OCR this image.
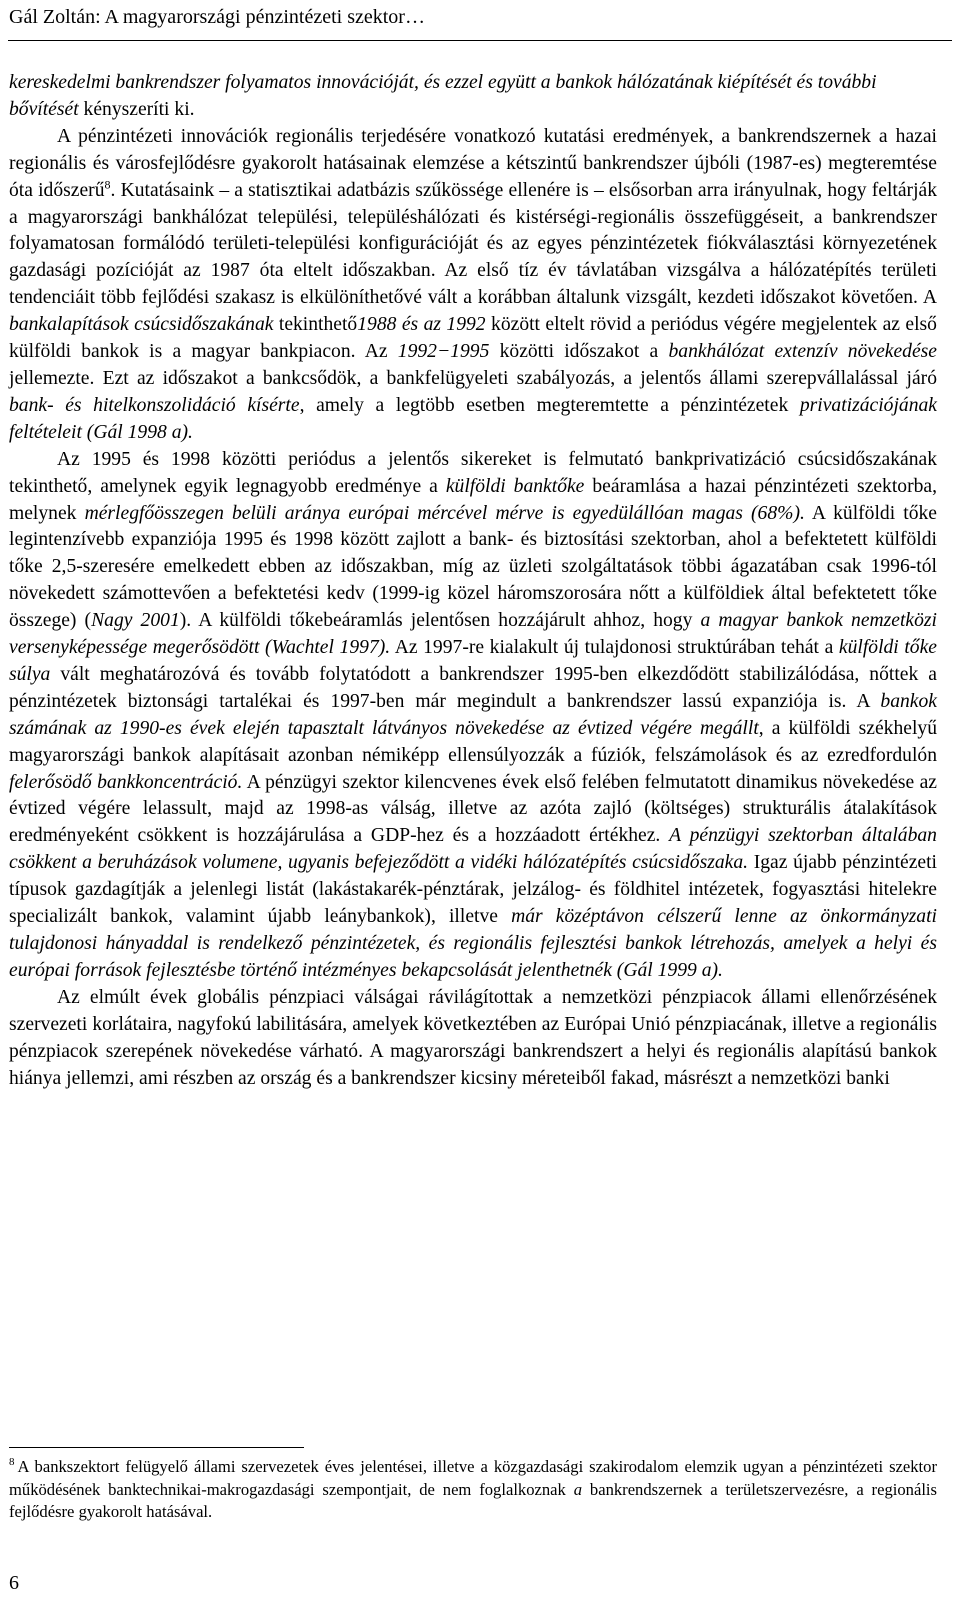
Gál Zoltán: A magyarországi pénzintézeti szektor…

kereskedelmi bankrendszer folyamatos innovációját, és ezzel együtt a bankok hálózatának kiépítését és további bővítését kényszeríti ki.

A pénzintézeti innovációk regionális terjedésére vonatkozó kutatási eredmények, a bankrendszernek a hazai regionális és városfejlődésre gyakorolt hatásainak elemzése a kétszintű bankrendszer újbóli (1987-es) megteremtése óta időszerű$^8$. Kutatásaink – a statisztikai adatbázis szűkössége ellenére is – elsősorban arra irányulnak, hogy feltárják a magyarországi bankhálózat települési, településhálózati és kistérségi-regionális összefüggéseit, a bankrendszer folyamatosan formálódó területi-települési konfigurációját és az egyes pénzintézetek fiókválasztási környezetének gazdasági pozícióját az 1987 óta eltelt időszakban. Az első tíz év távlatában vizsgálva a hálózatépítés területi tendenciáit több fejlődési szakasz is elkülöníthetővé vált a korábban általunk vizsgált, kezdeti időszakot követően. A bankalapítások csúcsidőszakának tekinthető1988 és az 1992 között eltelt rövid a periódus végére megjelentek az első külföldi bankok is a magyar bankpiacon. Az 1992−1995 közötti időszakot a bankhálózat extenzív növekedése jellemezte. Ezt az időszakot a bankcsődök, a bankfelügyeleti szabályozás, a jelentős állami szerepvállalással járó bank- és hitelkonszolidáció kísérte, amely a legtöbb esetben megteremtette a pénzintézetek privatizációjának feltételeit (Gál 1998 a).

Az 1995 és 1998 közötti periódus a jelentős sikereket is felmutató bankprivatizáció csúcsidőszakának tekinthető, amelynek egyik legnagyobb eredménye a külföldi banktőke beáramlása a hazai pénzintézeti szektorba, melynek mérlegfőösszegen belüli aránya európai mércével mérve is egyedülállóan magas (68%). A külföldi tőke legintenzívebb expanziója 1995 és 1998 között zajlott a bank- és biztosítási szektorban, ahol a befektetett külföldi tőke 2,5-szeresére emelkedett ebben az időszakban, míg az üzleti szolgáltatások többi ágazatában csak 1996-tól növekedett számottevően a befektetési kedv (1999-ig közel háromszorosára nőtt a külföldiek által befektetett tőke összege) (Nagy 2001). A külföldi tőkebeáramlás jelentősen hozzájárult ahhoz, hogy a magyar bankok nemzetközi versenyképessége megerősödött (Wachtel 1997). Az 1997-re kialakult új tulajdonosi struktúrában tehát a külföldi tőke súlya vált meghatározóvá és tovább folytatódott a bankrendszer 1995-ben elkezdődött stabilizálódása, nőttek a pénzintézetek biztonsági tartalékai és 1997-ben már megindult a bankrendszer lassú expanziója is. A bankok számának az 1990-es évek elején tapasztalt látványos növekedése az évtized végére megállt, a külföldi székhelyű magyarországi bankok alapításait azonban némiképp ellensúlyozzák a fúziók, felszámolások és az ezredfordulón felerősödő bankkoncentráció. A pénzügyi szektor kilencvenes évek első felében felmutatott dinamikus növekedése az évtized végére lelassult, majd az 1998-as válság, illetve az azóta zajló (költséges) strukturális átalakítások eredményeként csökkent is hozzájárulása a GDP-hez és a hozzáadott értékhez. A pénzügyi szektorban általában csökkent a beruházások volumene, ugyanis befejeződött a vidéki hálózatépítés csúcsidőszaka. Igaz újabb pénzintézeti típusok gazdagítják a jelenlegi listát (lakástakarék-pénztárak, jelzálog- és földhitel intézetek, fogyasztási hitelekre specializált bankok, valamint újabb leánybankok), illetve már középtávon célszerű lenne az önkormányzati tulajdonosi hányaddal is rendelkező pénzintézetek, és regionális fejlesztési bankok létrehozás, amelyek a helyi és európai források fejlesztésbe történő intézményes bekapcsolását jelenthetnék (Gál 1999 a).

Az elmúlt évek globális pénzpiaci válságai rávilágítottak a nemzetközi pénzpiacok állami ellenőrzésének szervezeti korlátaira, nagyfokú labilitására, amelyek következtében az Európai Unió pénzpiacának, illetve a regionális pénzpiacok szerepének növekedése várható. A magyarországi bankrendszert a helyi és regionális alapítású bankok hiánya jellemzi, ami részben az ország és a bankrendszer kicsiny méreteiből fakad, másrészt a nemzetközi banki

$^8$ A bankszektort felügyelő állami szervezetek éves jelentései, illetve a közgazdasági szakirodalom elemzik ugyan a pénzintézeti szektor működésének banktechnikai-makrogazdasági szempontjait, de nem foglalkoznak a bankrendszernek a területszervezésre, a regionális fejlődésre gyakorolt hatásával.

6
